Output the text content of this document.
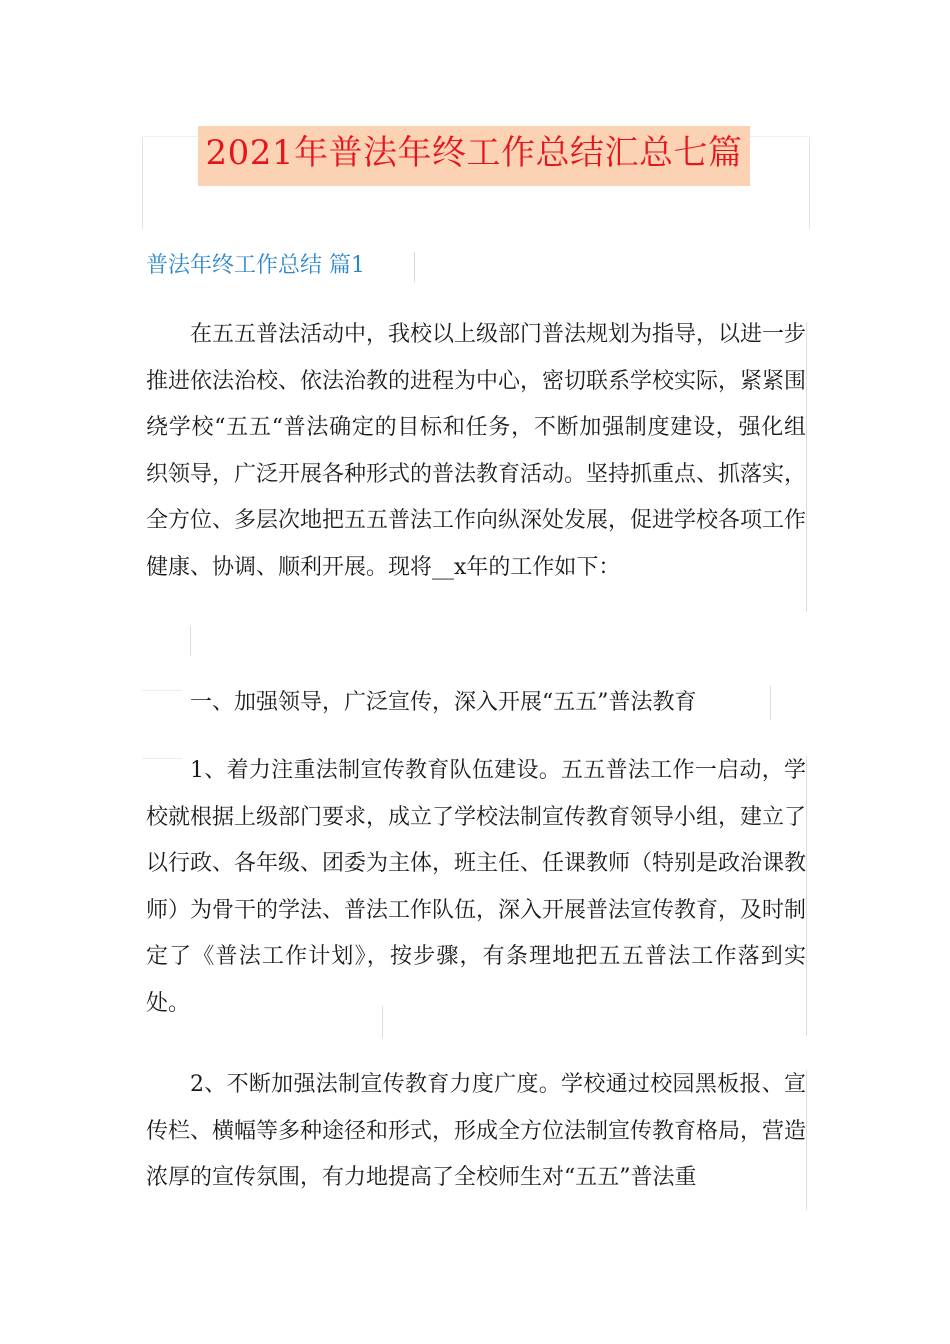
2021年普法年终工作总结汇总七篇
普法年终工作总结 篇1

在五五普法活动中，我校以上级部门普法规划为指导，以进一步推进依法治校、依法治教的进程为中心，密切联系学校实际，紧紧围绕学校“五五“普法确定的目标和任务，不断加强制度建设，强化组织领导，广泛开展各种形式的普法教育活动。坚持抓重点、抓落实，全方位、多层次地把五五普法工作向纵深处发展，促进学校各项工作健康、协调、顺利开展。现将__x年的工作如下：

一、加强领导，广泛宣传，深入开展“五五”普法教育

1、着力注重法制宣传教育队伍建设。五五普法工作一启动，学校就根据上级部门要求，成立了学校法制宣传教育领导小组，建立了以行政、各年级、团委为主体，班主任、任课教师（特别是政治课教师）为骨干的学法、普法工作队伍，深入开展普法宣传教育，及时制定了《普法工作计划》，按步骤，有条理地把五五普法工作落到实处。

2、不断加强法制宣传教育力度广度。学校通过校园黑板报、宣传栏、横幅等多种途径和形式，形成全方位法制宣传教育格局，营造浓厚的宣传氛围，有力地提高了全校师生对“五五”普法重
